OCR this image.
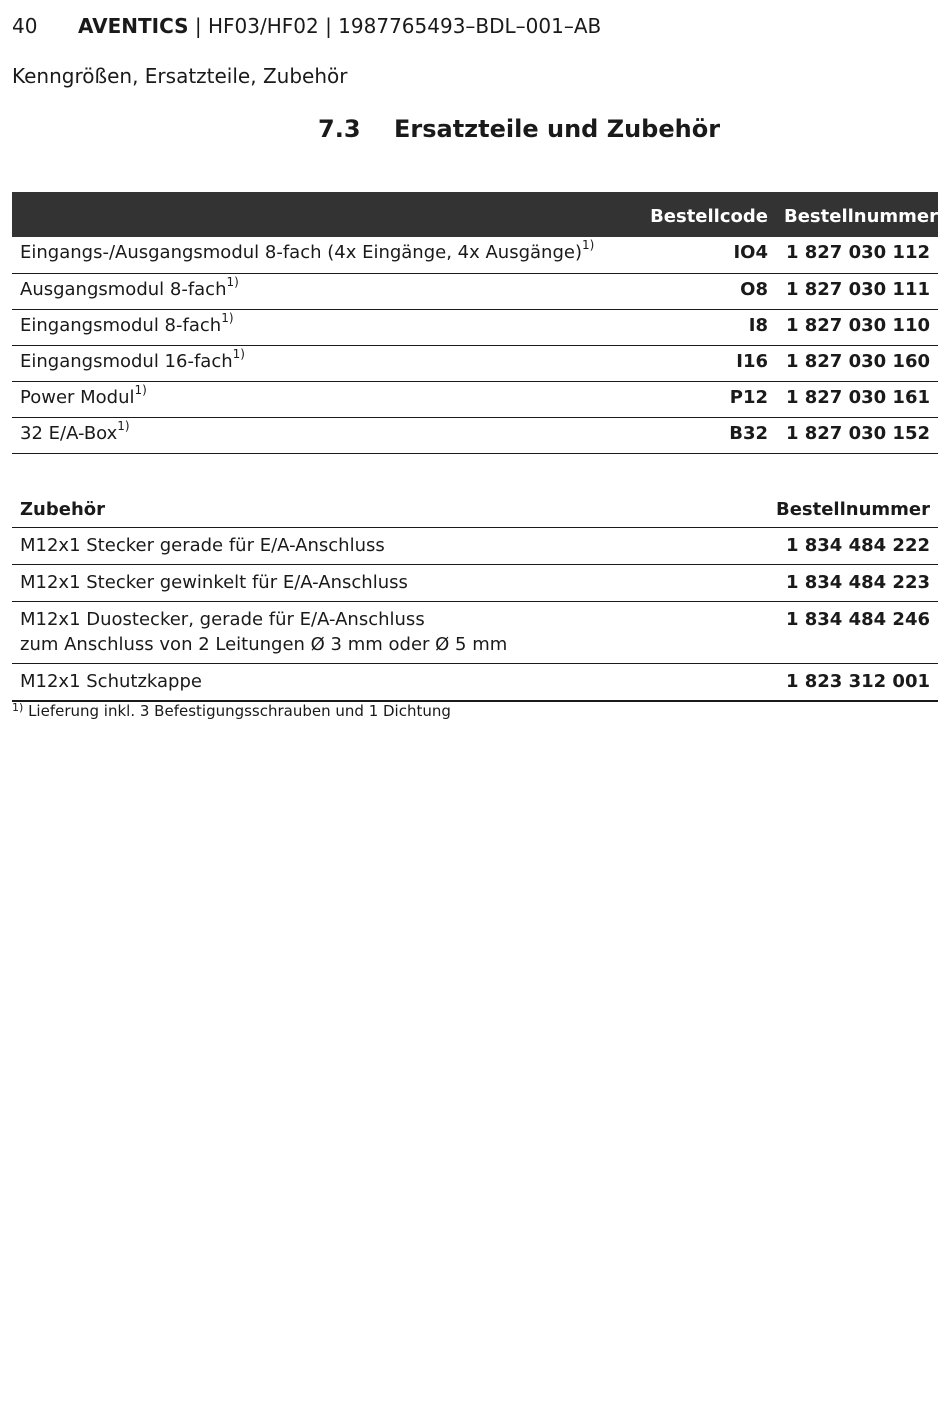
40 AVENTICS | HF03/HF02 | 1987765493–BDL–001–AB
Kenngrößen, Ersatzteile, Zubehör
7.3 Ersatzteile und Zubehör
	Bestellcode	Bestellnummer
Eingangs-/Ausgangsmodul 8-fach (4x Eingänge, 4x Ausgänge)$^{1)}$	IO4	1 827 030 112
Ausgangsmodul 8-fach$^{1)}$	O8	1 827 030 111
Eingangsmodul 8-fach$^{1)}$	I8	1 827 030 110
Eingangsmodul 16-fach$^{1)}$	I16	1 827 030 160
Power Modul$^{1)}$	P12	1 827 030 161
32 E/A-Box$^{1)}$	B32	1 827 030 152
Zubehör	Bestellnummer

M12x1 Stecker gerade für E/A-Anschluss	1 834 484 222

M12x1 Stecker gewinkelt für E/A-Anschluss	1 834 484 223

M12x1 Duostecker, gerade für E/A-Anschluss
zum Anschluss von 2 Leitungen Ø 3 mm oder Ø 5 mm	1 834 484 246

M12x1 Schutzkappe	1 823 312 001
$^{1)}$ Lieferung inkl. 3 Befestigungsschrauben und 1 Dichtung
